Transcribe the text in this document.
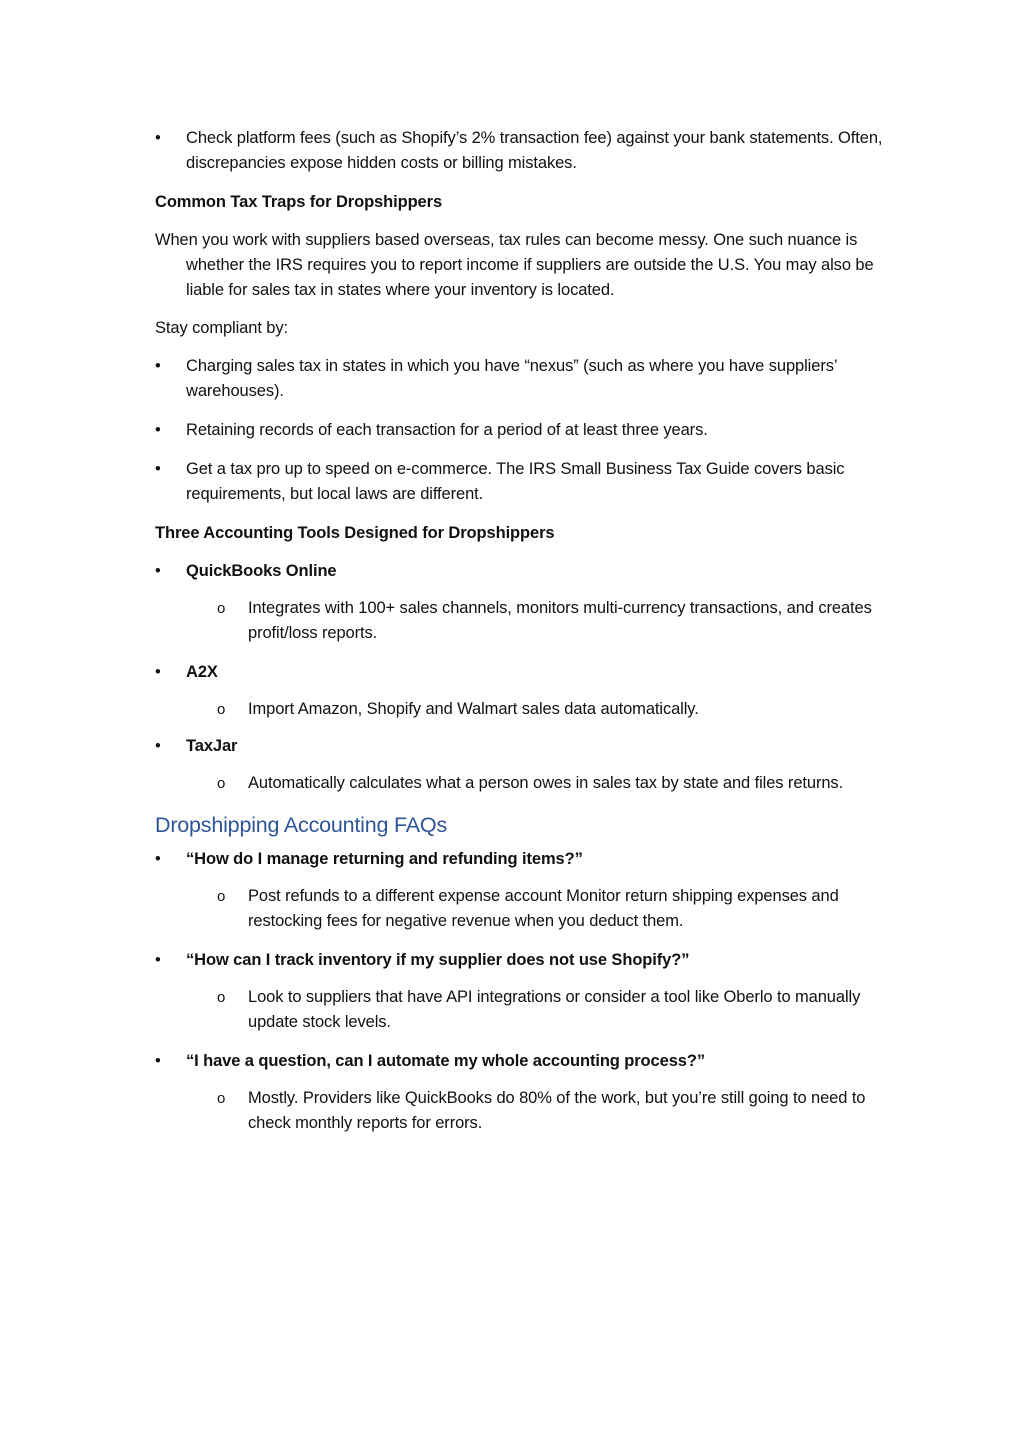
• Check platform fees (such as Shopify’s 2% transaction fee) against your bank statements. Often, discrepancies expose hidden costs or billing mistakes.
Common Tax Traps for Dropshippers
When you work with suppliers based overseas, tax rules can become messy. One such nuance is whether the IRS requires you to report income if suppliers are outside the U.S. You may also be liable for sales tax in states where your inventory is located.
Stay compliant by:
• Charging sales tax in states in which you have “nexus” (such as where you have suppliers’ warehouses).
• Retaining records of each transaction for a period of at least three years.
• Get a tax pro up to speed on e-commerce. The IRS Small Business Tax Guide covers basic requirements, but local laws are different.
Three Accounting Tools Designed for Dropshippers
• QuickBooks Online
o Integrates with 100+ sales channels, monitors multi-currency transactions, and creates profit/loss reports.
• A2X
o Import Amazon, Shopify and Walmart sales data automatically.
• TaxJar
o Automatically calculates what a person owes in sales tax by state and files returns.
Dropshipping Accounting FAQs
• “How do I manage returning and refunding items?”
o Post refunds to a different expense account Monitor return shipping expenses and restocking fees for negative revenue when you deduct them.
• “How can I track inventory if my supplier does not use Shopify?”
o Look to suppliers that have API integrations or consider a tool like Oberlo to manually update stock levels.
• “I have a question, can I automate my whole accounting process?”
o Mostly. Providers like QuickBooks do 80% of the work, but you’re still going to need to check monthly reports for errors.
